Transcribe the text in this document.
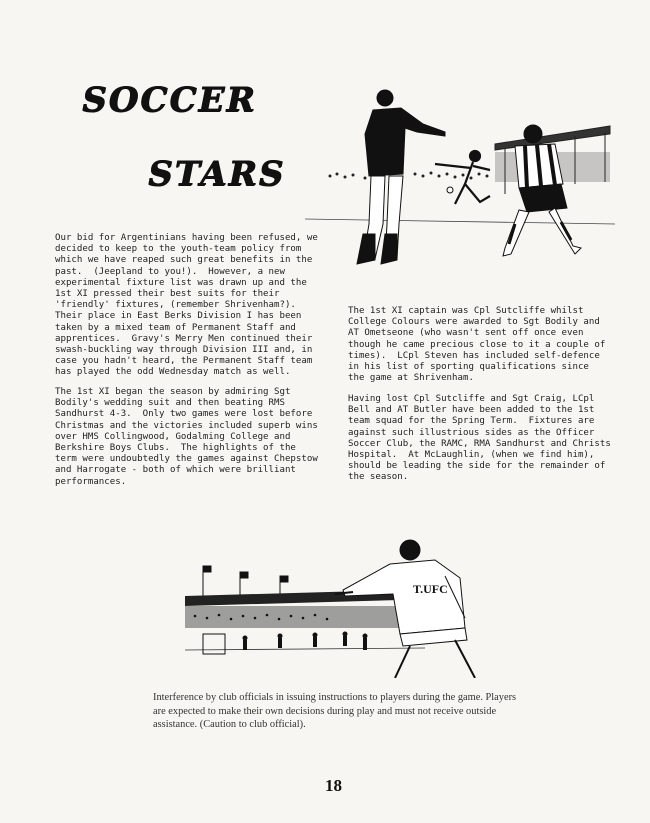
SOCCER
STARS
Our bid for Argentinians having been refused, we
decided to keep to the youth-team policy from
which we have reaped such great benefits in the
past.  (Jeepland to you!).  However, a new
experimental fixture list was drawn up and the
1st XI pressed their best suits for their
'friendly' fixtures, (remember Shrivenham?).
Their place in East Berks Division I has been
taken by a mixed team of Permanent Staff and
apprentices.  Gravy's Merry Men continued their
swash-buckling way through Division III and, in
case you hadn't heard, the Permanent Staff team
has played the odd Wednesday match as well.
The 1st XI began the season by admiring Sgt
Bodily's wedding suit and then beating RMS
Sandhurst 4-3.  Only two games were lost before
Christmas and the victories included superb wins
over HMS Collingwood, Godalming College and
Berkshire Boys Clubs.  The highlights of the
term were undoubtedly the games against Chepstow
and Harrogate - both of which were brilliant
performances.
The 1st XI captain was Cpl Sutcliffe whilst
College Colours were awarded to Sgt Bodily and
AT Ometseone (who wasn't sent off once even
though he came precious close to it a couple of
times).  LCpl Steven has included self-defence
in his list of sporting qualifications since
the game at Shrivenham.
Having lost Cpl Sutcliffe and Sgt Craig, LCpl
Bell and AT Butler have been added to the 1st
team squad for the Spring Term.  Fixtures are
against such illustrious sides as the Officer
Soccer Club, the RAMC, RMA Sandhurst and Christs
Hospital.  At McLaughlin, (when we find him),
should be leading the side for the remainder of
the season.
T.UFC
Interference by club officials in issuing instructions to players during the game. Players
are expected to make their own decisions during play and must not receive outside
assistance. (Caution to club official).
18
